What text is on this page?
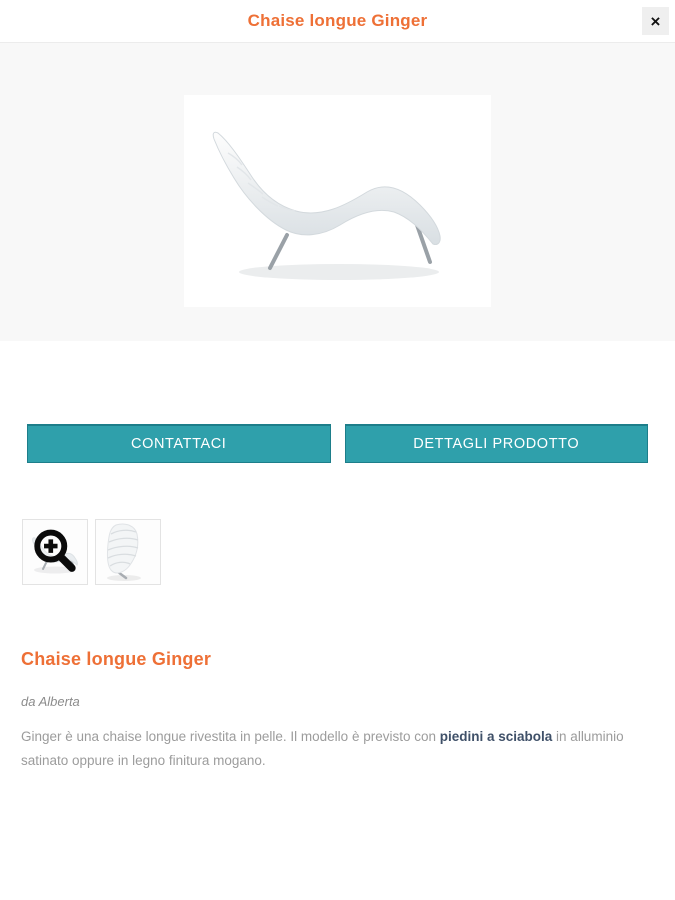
Chaise longue Ginger	×
CONTATTACI	DETTAGLI PRODOTTO
Chaise longue Ginger

da Alberta

Ginger è una chaise longue rivestita in pelle. Il modello è previsto con piedini a sciabola in alluminio satinato oppure in legno finitura mogano.
